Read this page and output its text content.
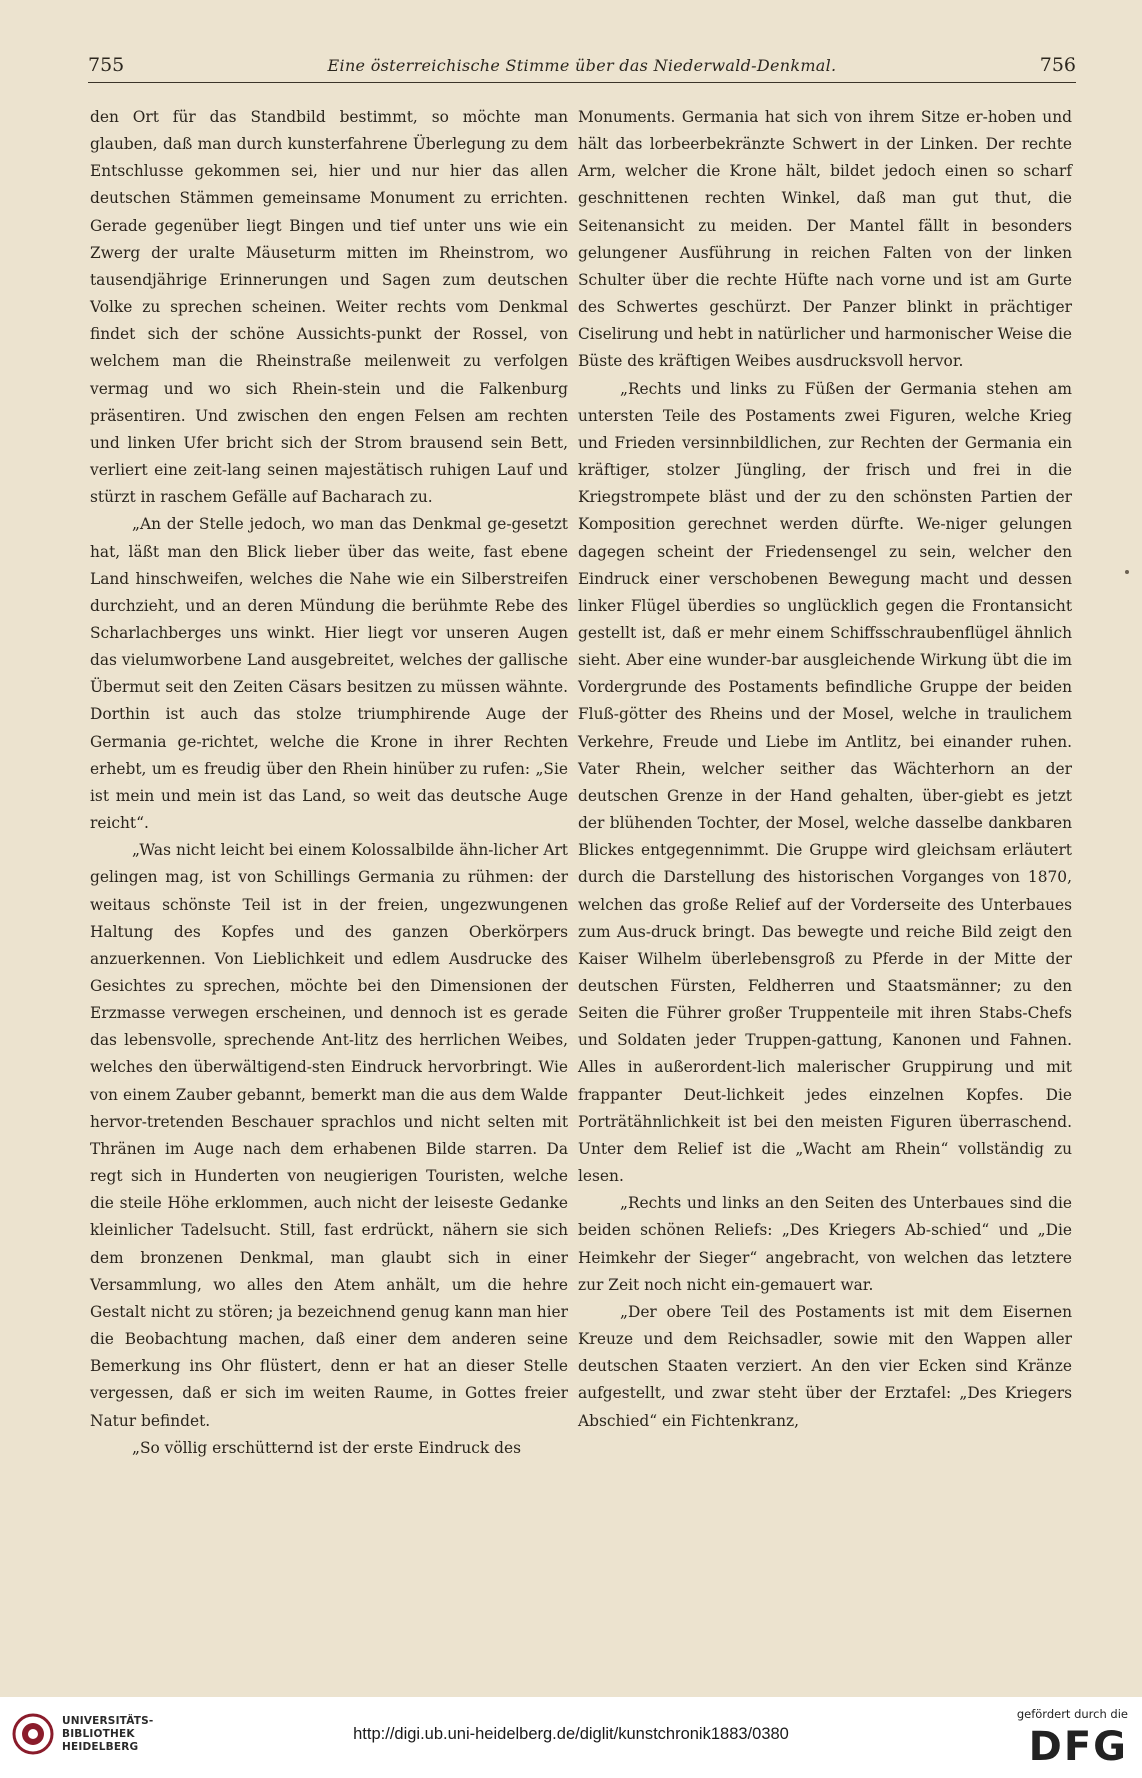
755	Eine österreichische Stimme über das Niederwald-Denkmal.	756

den Ort für das Standbild bestimmt, so möchte man glauben, daß man durch kunsterfahrene Überlegung zu dem Entschlusse gekommen sei, hier und nur hier das allen deutschen Stämmen gemeinsame Monument zu errichten. Gerade gegenüber liegt Bingen und tief unter uns wie ein Zwerg der uralte Mäuseturm mitten im Rheinstrom, wo tausendjährige Erinnerungen und Sagen zum deutschen Volke zu sprechen scheinen. Weiter rechts vom Denkmal findet sich der schöne Aussichts-punkt der Rossel, von welchem man die Rheinstraße meilenweit zu verfolgen vermag und wo sich Rhein-stein und die Falkenburg präsentiren. Und zwischen den engen Felsen am rechten und linken Ufer bricht sich der Strom brausend sein Bett, verliert eine zeit-lang seinen majestätisch ruhigen Lauf und stürzt in raschem Gefälle auf Bacharach zu.

„An der Stelle jedoch, wo man das Denkmal ge-gesetzt hat, läßt man den Blick lieber über das weite, fast ebene Land hinschweifen, welches die Nahe wie ein Silberstreifen durchzieht, und an deren Mündung die berühmte Rebe des Scharlachberges uns winkt. Hier liegt vor unseren Augen das vielumworbene Land ausgebreitet, welches der gallische Übermut seit den Zeiten Cäsars besitzen zu müssen wähnte. Dorthin ist auch das stolze triumphirende Auge der Germania ge-richtet, welche die Krone in ihrer Rechten erhebt, um es freudig über den Rhein hinüber zu rufen: „Sie ist mein und mein ist das Land, so weit das deutsche Auge reicht“.

„Was nicht leicht bei einem Kolossalbilde ähn-licher Art gelingen mag, ist von Schillings Germania zu rühmen: der weitaus schönste Teil ist in der freien, ungezwungenen Haltung des Kopfes und des ganzen Oberkörpers anzuerkennen. Von Lieblichkeit und edlem Ausdrucke des Gesichtes zu sprechen, möchte bei den Dimensionen der Erzmasse verwegen erscheinen, und dennoch ist es gerade das lebensvolle, sprechende Ant-litz des herrlichen Weibes, welches den überwältigend-sten Eindruck hervorbringt. Wie von einem Zauber gebannt, bemerkt man die aus dem Walde hervor-tretenden Beschauer sprachlos und nicht selten mit Thränen im Auge nach dem erhabenen Bilde starren. Da regt sich in Hunderten von neugierigen Touristen, welche die steile Höhe erklommen, auch nicht der leiseste Gedanke kleinlicher Tadelsucht. Still, fast erdrückt, nähern sie sich dem bronzenen Denkmal, man glaubt sich in einer Versammlung, wo alles den Atem anhält, um die hehre Gestalt nicht zu stören; ja bezeichnend genug kann man hier die Beobachtung machen, daß einer dem anderen seine Bemerkung ins Ohr flüstert, denn er hat an dieser Stelle vergessen, daß er sich im weiten Raume, in Gottes freier Natur befindet.

„So völlig erschütternd ist der erste Eindruck des

Monuments. Germania hat sich von ihrem Sitze er-hoben und hält das lorbeerbekränzte Schwert in der Linken. Der rechte Arm, welcher die Krone hält, bildet jedoch einen so scharf geschnittenen rechten Winkel, daß man gut thut, die Seitenansicht zu meiden. Der Mantel fällt in besonders gelungener Ausführung in reichen Falten von der linken Schulter über die rechte Hüfte nach vorne und ist am Gurte des Schwertes geschürzt. Der Panzer blinkt in prächtiger Ciselirung und hebt in natürlicher und harmonischer Weise die Büste des kräftigen Weibes ausdrucksvoll hervor.

„Rechts und links zu Füßen der Germania stehen am untersten Teile des Postaments zwei Figuren, welche Krieg und Frieden versinnbildlichen, zur Rechten der Germania ein kräftiger, stolzer Jüngling, der frisch und frei in die Kriegstrompete bläst und der zu den schönsten Partien der Komposition gerechnet werden dürfte. We-niger gelungen dagegen scheint der Friedensengel zu sein, welcher den Eindruck einer verschobenen Bewegung macht und dessen linker Flügel überdies so unglücklich gegen die Frontansicht gestellt ist, daß er mehr einem Schiffsschraubenflügel ähnlich sieht. Aber eine wunder-bar ausgleichende Wirkung übt die im Vordergrunde des Postaments befindliche Gruppe der beiden Fluß-götter des Rheins und der Mosel, welche in traulichem Verkehre, Freude und Liebe im Antlitz, bei einander ruhen. Vater Rhein, welcher seither das Wächterhorn an der deutschen Grenze in der Hand gehalten, über-giebt es jetzt der blühenden Tochter, der Mosel, welche dasselbe dankbaren Blickes entgegennimmt. Die Gruppe wird gleichsam erläutert durch die Darstellung des historischen Vorganges von 1870, welchen das große Relief auf der Vorderseite des Unterbaues zum Aus-druck bringt. Das bewegte und reiche Bild zeigt den Kaiser Wilhelm überlebensgroß zu Pferde in der Mitte der deutschen Fürsten, Feldherren und Staatsmänner; zu den Seiten die Führer großer Truppenteile mit ihren Stabs-Chefs und Soldaten jeder Truppen-gattung, Kanonen und Fahnen. Alles in außerordent-lich malerischer Gruppirung und mit frappanter Deut-lichkeit jedes einzelnen Kopfes. Die Porträtähnlichkeit ist bei den meisten Figuren überraschend. Unter dem Relief ist die „Wacht am Rhein“ vollständig zu lesen.

„Rechts und links an den Seiten des Unterbaues sind die beiden schönen Reliefs: „Des Kriegers Ab-schied“ und „Die Heimkehr der Sieger“ angebracht, von welchen das letztere zur Zeit noch nicht ein-gemauert war.

„Der obere Teil des Postaments ist mit dem Eisernen Kreuze und dem Reichsadler, sowie mit den Wappen aller deutschen Staaten verziert. An den vier Ecken sind Kränze aufgestellt, und zwar steht über der Erztafel: „Des Kriegers Abschied“ ein Fichtenkranz,

UNIVERSITÄTS-
BIBLIOTHEK
HEIDELBERG
http://digi.ub.uni-heidelberg.de/diglit/kunstchronik1883/0380
gefördert durch die
DFG
